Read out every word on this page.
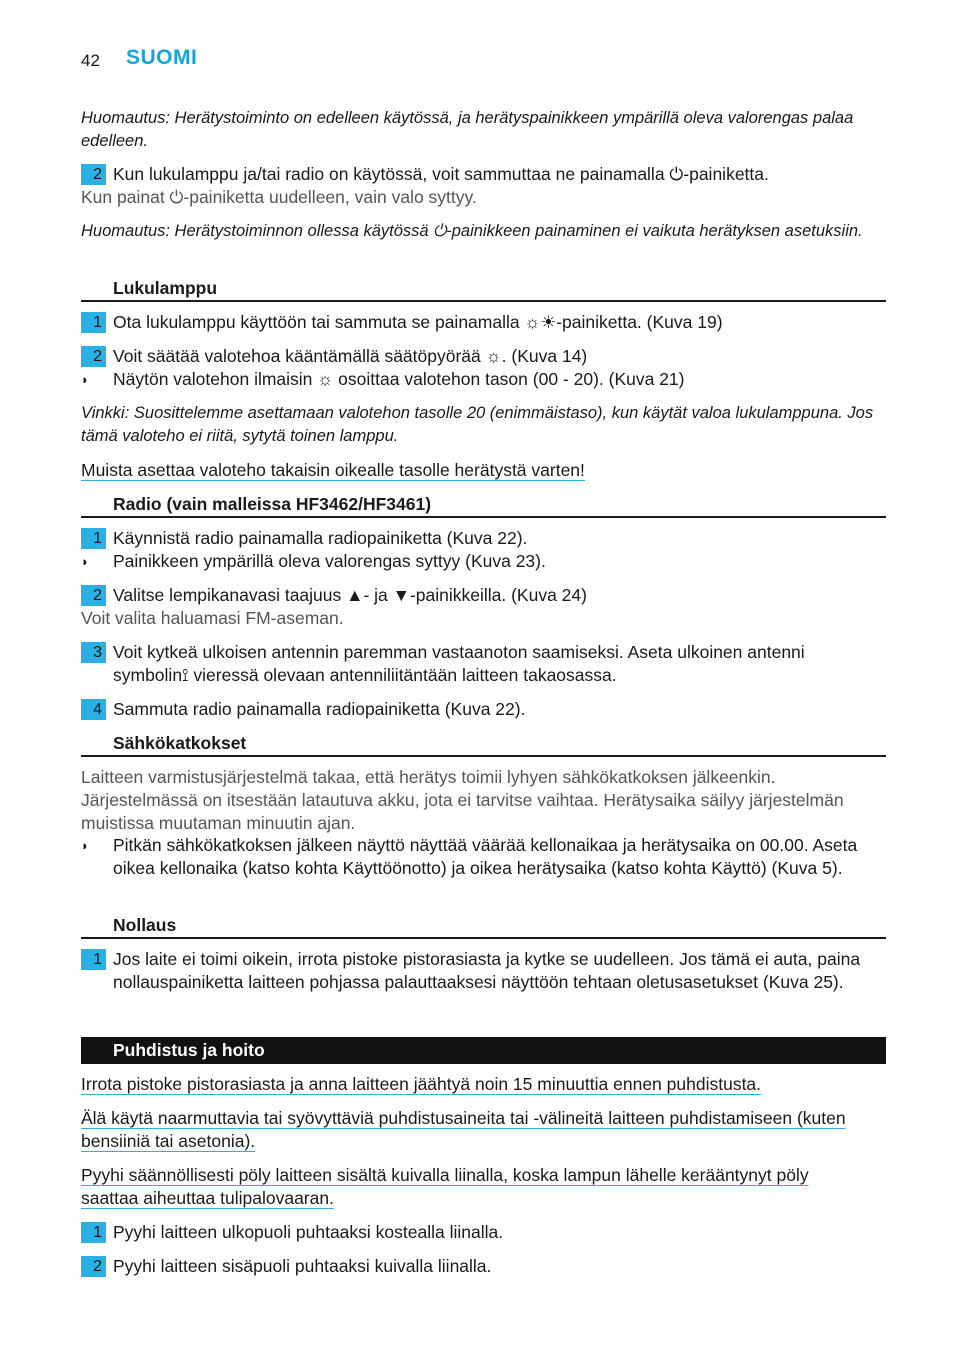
42 SUOMI
Huomautus: Herätystoiminto on edelleen käytössä, ja herätyspainikkeen ympärillä oleva valorengas palaa edelleen.
2 Kun lukulamppu ja/tai radio on käytössä, voit sammuttaa ne painamalla ⏻-painiketta.
Kun painat ⏻-painiketta uudelleen, vain valo syttyy.
Huomautus: Herätystoiminnon ollessa käytössä ⏻-painikkeen painaminen ei vaikuta herätyksen asetuksiin.
Lukulamppu
1 Ota lukulamppu käyttöön tai sammuta se painamalla ☼☀-painiketta. (Kuva 19)
2 Voit säätää valotehoa kääntämällä säätöpyörää ☼. (Kuva 14)
◗	Näytön valotehon ilmaisin ☼ osoittaa valotehon tason (00 - 20). (Kuva 21)
Vinkki: Suosittelemme asettamaan valotehon tasolle 20 (enimmäistaso), kun käytät valoa lukulamppuna. Jos tämä valoteho ei riitä, sytytä toinen lamppu.
Muista asettaa valoteho takaisin oikealle tasolle herätystä varten!
Radio (vain malleissa HF3462/HF3461)
1 Käynnistä radio painamalla radiopainiketta (Kuva 22).
◗	Painikkeen ympärillä oleva valorengas syttyy (Kuva 23).
2 Valitse lempikanavasi taajuus ▲- ja ▼-painikkeilla. (Kuva 24)
Voit valita haluamasi FM-aseman.
3 Voit kytkeä ulkoisen antennin paremman vastaanoton saamiseksi. Aseta ulkoinen antenni symbolin⟟ vieressä olevaan antenniliitäntään laitteen takaosassa.
4 Sammuta radio painamalla radiopainiketta (Kuva 22).
Sähkökatkokset
Laitteen varmistusjärjestelmä takaa, että herätys toimii lyhyen sähkökatkoksen jälkeenkin. Järjestelmässä on itsestään latautuva akku, jota ei tarvitse vaihtaa. Herätysaika säilyy järjestelmän muistissa muutaman minuutin ajan.
◗	Pitkän sähkökatkoksen jälkeen näyttö näyttää väärää kellonaikaa ja herätysaika on 00.00. Aseta oikea kellonaika (katso kohta Käyttöönotto) ja oikea herätysaika (katso kohta Käyttö) (Kuva 5).
Nollaus
1 Jos laite ei toimi oikein, irrota pistoke pistorasiasta ja kytke se uudelleen. Jos tämä ei auta, paina nollauspainiketta laitteen pohjassa palauttaaksesi näyttöön tehtaan oletusasetukset (Kuva 25).
Puhdistus ja hoito
Irrota pistoke pistorasiasta ja anna laitteen jäähtyä noin 15 minuuttia ennen puhdistusta.
Älä käytä naarmuttavia tai syövyttäviä puhdistusaineita tai -välineitä laitteen puhdistamiseen (kuten bensiiniä tai asetonia).
Pyyhi säännöllisesti pöly laitteen sisältä kuivalla liinalla, koska lampun lähelle kerääntynyt pöly saattaa aiheuttaa tulipalovaaran.
1 Pyyhi laitteen ulkopuoli puhtaaksi kostealla liinalla.
2 Pyyhi laitteen sisäpuoli puhtaaksi kuivalla liinalla.
